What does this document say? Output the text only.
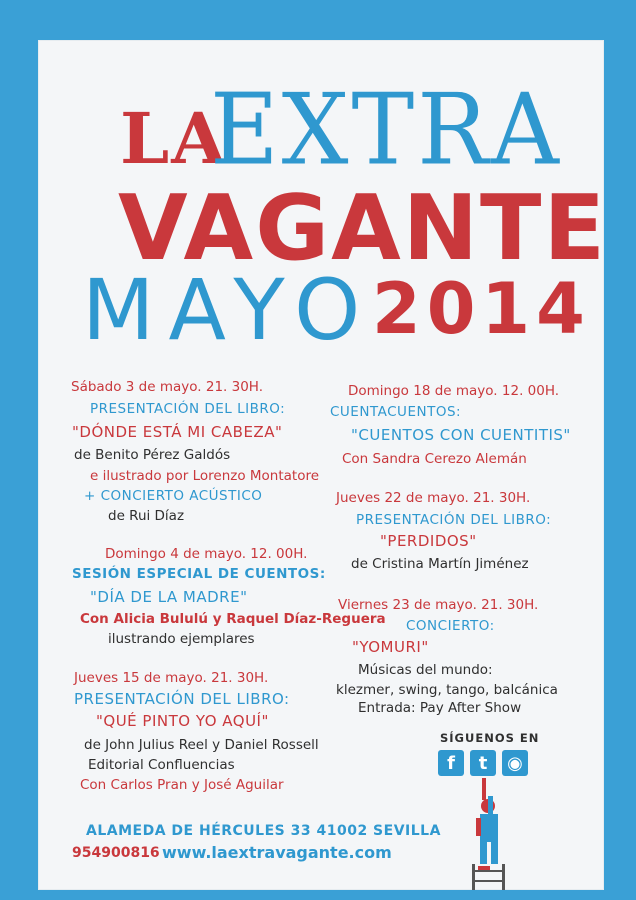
LA
EXTRA
VAGANTE
MAYO
2014
Sábado 3 de mayo. 21. 30H.
PRESENTACIÓN DEL LIBRO:
"DÓNDE ESTÁ MI CABEZA"
de Benito Pérez Galdós
e ilustrado por Lorenzo Montatore
+ CONCIERTO ACÚSTICO
de Rui Díaz
Domingo 4 de mayo. 12. 00H.
SESIÓN ESPECIAL DE CUENTOS:
"DÍA DE LA MADRE"
Con Alicia Bululú y Raquel Díaz-Reguera
ilustrando ejemplares
Jueves 15 de mayo. 21. 30H.
PRESENTACIÓN DEL LIBRO:
"QUÉ PINTO YO AQUÍ"
de John Julius Reel y Daniel Rossell
Editorial Confluencias
Con Carlos Pran y José Aguilar
Domingo 18 de mayo. 12. 00H.
CUENTACUENTOS:
"CUENTOS CON CUENTITIS"
Con Sandra Cerezo Alemán
Jueves 22 de mayo. 21. 30H.
PRESENTACIÓN DEL LIBRO:
"PERDIDOS"
de Cristina Martín Jiménez
Viernes 23 de mayo. 21. 30H.
CONCIERTO:
"YOMURI"
Músicas del mundo:
klezmer, swing, tango, balcánica
Entrada: Pay After Show
SÍGUENOS EN
f	t	◉
ALAMEDA DE HÉRCULES 33 41002 SEVILLA
954900816 www.laextravagante.com
